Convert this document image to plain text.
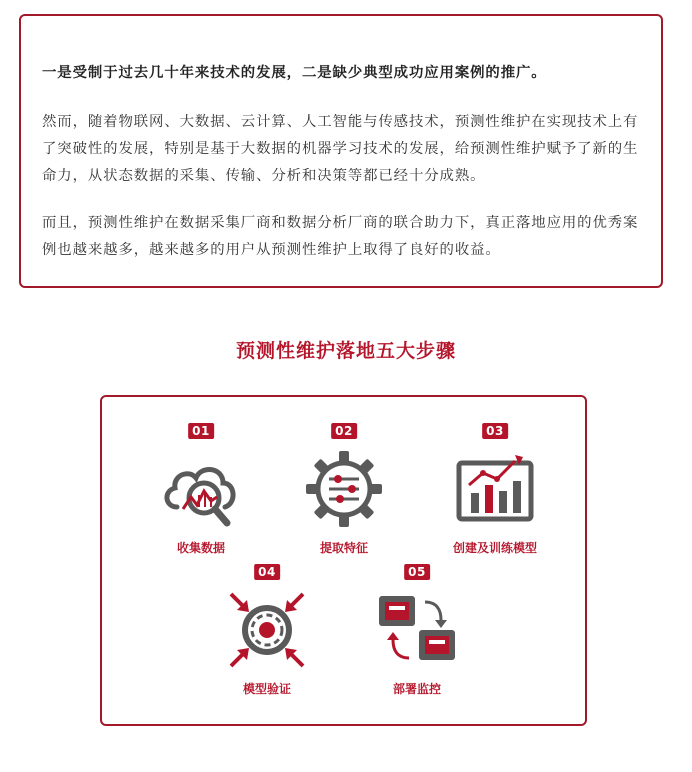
一是受制于过去几十年来技术的发展，二是缺少典型成功应用案例的推广。

然而，随着物联网、大数据、云计算、人工智能与传感技术，预测性维护在实现技术上有了突破性的发展，特别是基于大数据的机器学习技术的发展，给预测性维护赋予了新的生命力，从状态数据的采集、传输、分析和决策等都已经十分成熟。

而且，预测性维护在数据采集厂商和数据分析厂商的联合助力下，真正落地应用的优秀案例也越来越多，越来越多的用户从预测性维护上取得了良好的收益。

预测性维护落地五大步骤
01
收集数据
02
提取特征
03
创建及训练模型
04
模型验证
05
部署监控
